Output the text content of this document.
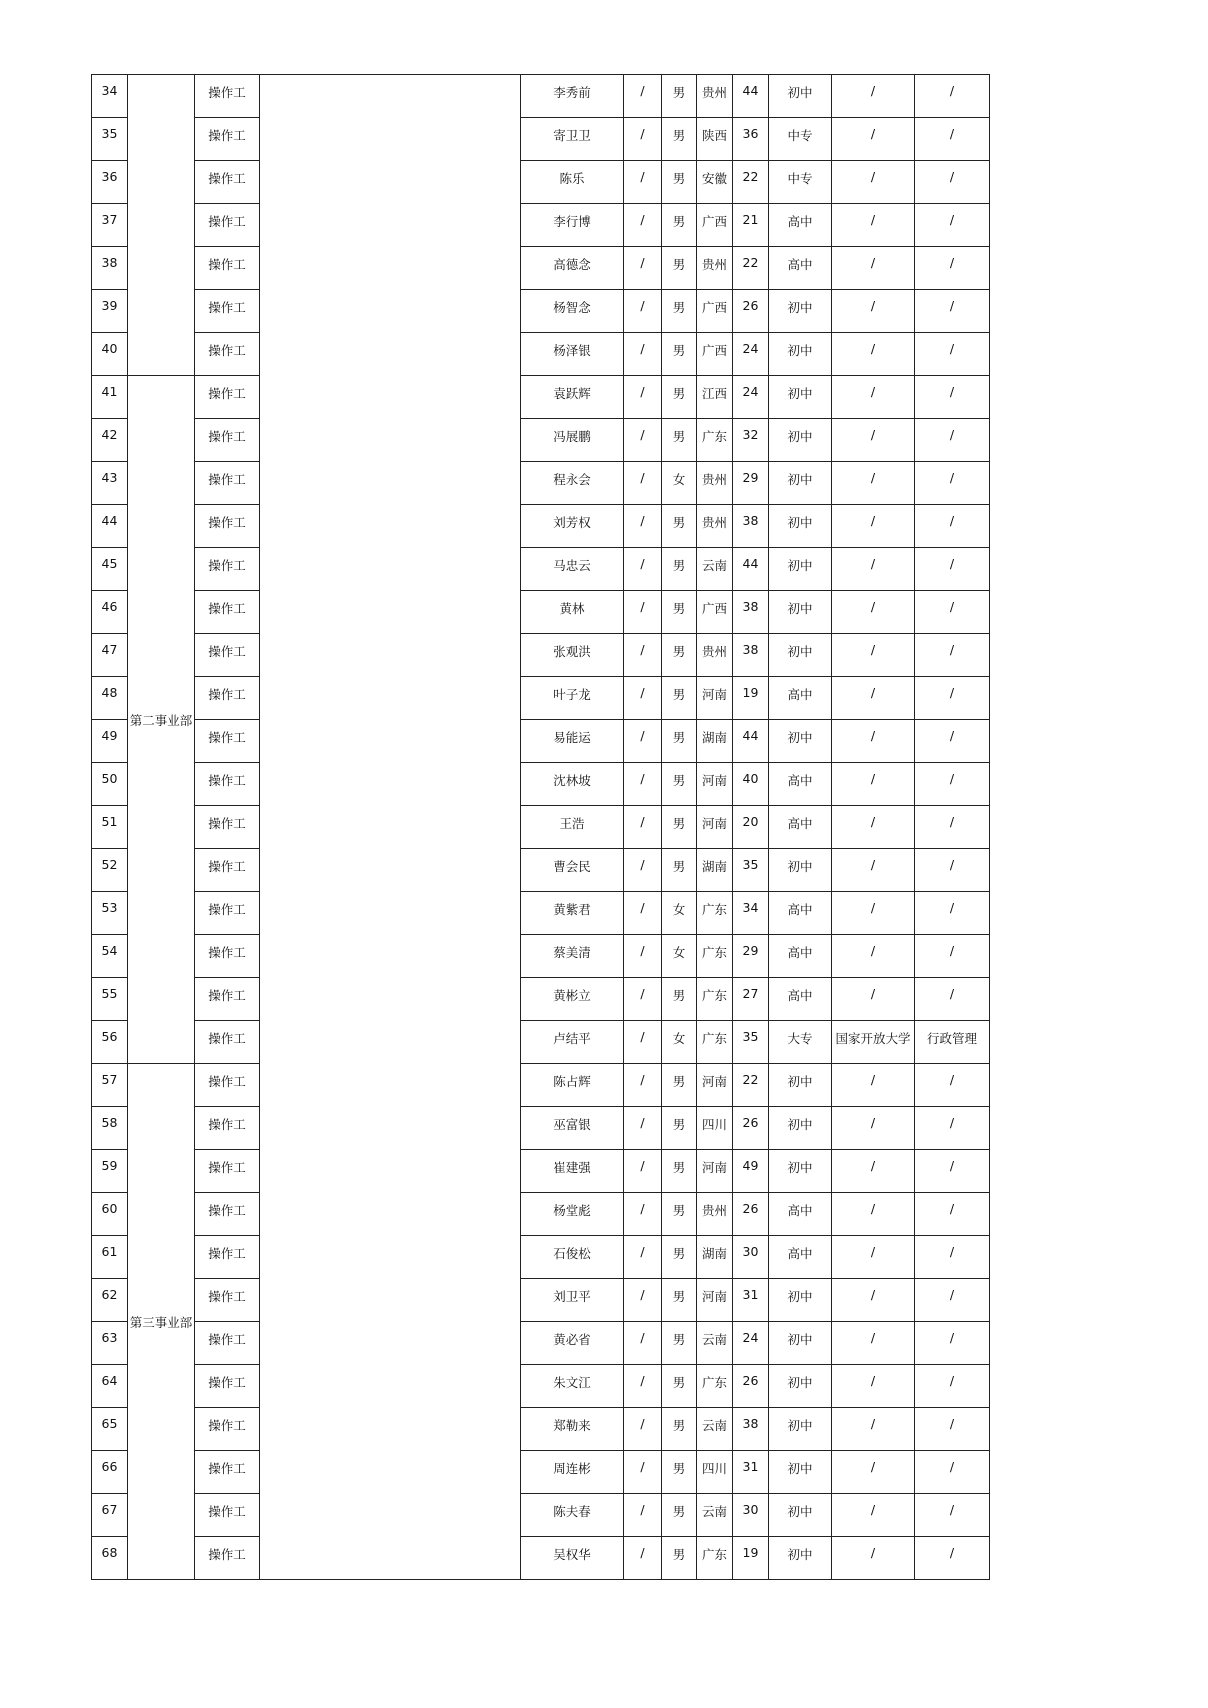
34		操作工		李秀前	/	男	贵州	44	初中	/	/
35		操作工		寄卫卫	/	男	陕西	36	中专	/	/
36		操作工		陈乐	/	男	安徽	22	中专	/	/
37		操作工		李行博	/	男	广西	21	高中	/	/
38		操作工		高德念	/	男	贵州	22	高中	/	/
39		操作工		杨智念	/	男	广西	26	初中	/	/
40		操作工		杨泽银	/	男	广西	24	初中	/	/
41	第二事业部	操作工		袁跃辉	/	男	江西	24	初中	/	/
42		操作工		冯展鹏	/	男	广东	32	初中	/	/
43		操作工		程永会	/	女	贵州	29	初中	/	/
44		操作工		刘芳权	/	男	贵州	38	初中	/	/
45		操作工		马忠云	/	男	云南	44	初中	/	/
46		操作工		黄林	/	男	广西	38	初中	/	/
47		操作工		张观洪	/	男	贵州	38	初中	/	/
48		操作工		叶子龙	/	男	河南	19	高中	/	/
49		操作工		易能运	/	男	湖南	44	初中	/	/
50		操作工		沈林坡	/	男	河南	40	高中	/	/
51		操作工		王浩	/	男	河南	20	高中	/	/
52		操作工		曹会民	/	男	湖南	35	初中	/	/
53		操作工		黄紫君	/	女	广东	34	高中	/	/
54		操作工		蔡美清	/	女	广东	29	高中	/	/
55		操作工		黄彬立	/	男	广东	27	高中	/	/
56		操作工		卢结平	/	女	广东	35	大专	国家开放大学	行政管理
57	第三事业部	操作工		陈占辉	/	男	河南	22	初中	/	/
58		操作工		巫富银	/	男	四川	26	初中	/	/
59		操作工		崔建强	/	男	河南	49	初中	/	/
60		操作工		杨堂彪	/	男	贵州	26	高中	/	/
61		操作工		石俊松	/	男	湖南	30	高中	/	/
62		操作工		刘卫平	/	男	河南	31	初中	/	/
63		操作工		黄必省	/	男	云南	24	初中	/	/
64		操作工		朱文江	/	男	广东	26	初中	/	/
65		操作工		郑勒来	/	男	云南	38	初中	/	/
66		操作工		周连彬	/	男	四川	31	初中	/	/
67		操作工		陈夫春	/	男	云南	30	初中	/	/
68		操作工		吴权华	/	男	广东	19	初中	/	/
